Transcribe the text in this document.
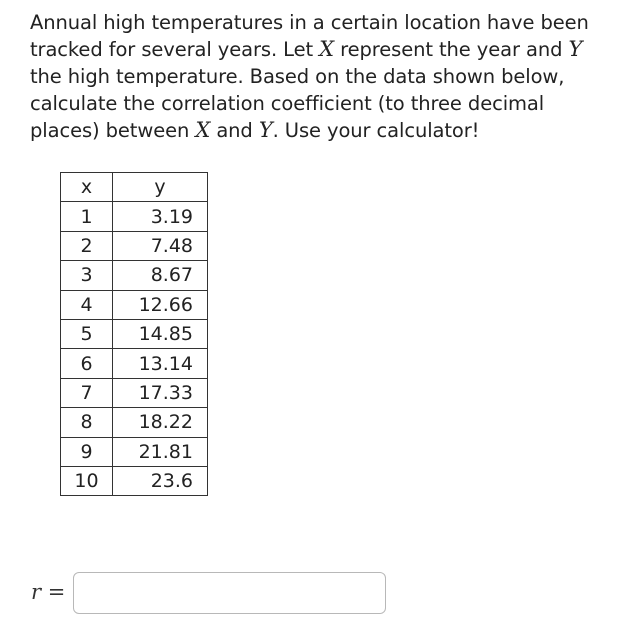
Annual high temperatures in a certain location have been tracked for several years. Let X represent the year and Y the high temperature. Based on the data shown below, calculate the correlation coefficient (to three decimal places) between X and Y. Use your calculator!
x	y
1	3.19
2	7.48
3	8.67
4	12.66
5	14.85
6	13.14
7	17.33
8	18.22
9	21.81
10	23.6
r =
